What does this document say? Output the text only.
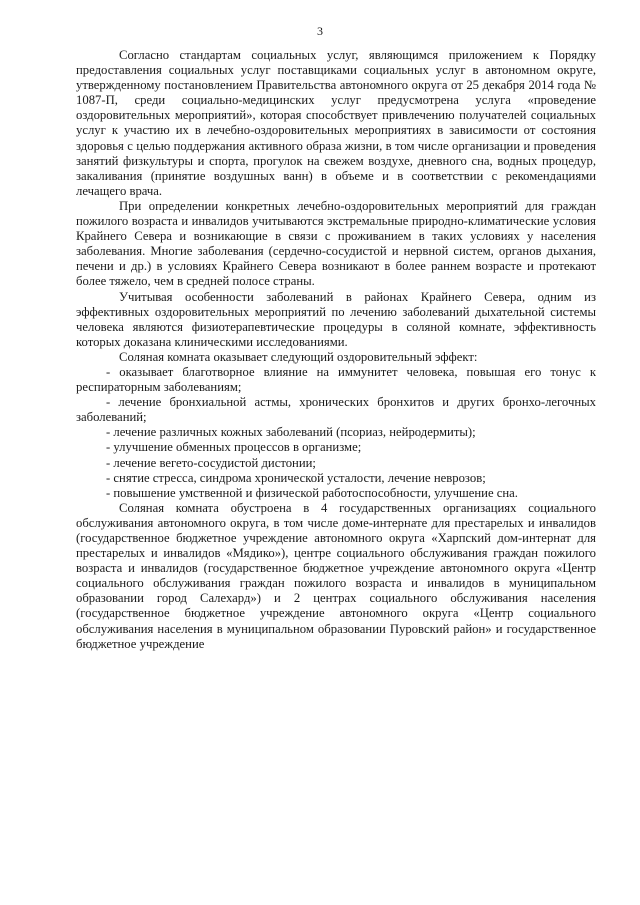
3

Согласно стандартам социальных услуг, являющимся приложением к Порядку предоставления социальных услуг поставщиками социальных услуг в автономном округе, утвержденному постановлением Правительства автономного округа от 25 декабря 2014 года № 1087-П, среди социально-медицинских услуг предусмотрена услуга «проведение оздоровительных мероприятий», которая способствует привлечению получателей социальных услуг к участию их в лечебно-оздоровительных мероприятиях в зависимости от состояния здоровья с целью поддержания активного образа жизни, в том числе организации и проведения занятий физкультуры и спорта, прогулок на свежем воздухе, дневного сна, водных процедур, закаливания (принятие воздушных ванн) в объеме и в соответствии с рекомендациями лечащего врача.

При определении конкретных лечебно-оздоровительных мероприятий для граждан пожилого возраста и инвалидов учитываются экстремальные природно-климатические условия Крайнего Севера и возникающие в связи с проживанием в таких условиях у населения заболевания. Многие заболевания (сердечно-сосудистой и нервной систем, органов дыхания, печени и др.) в условиях Крайнего Севера возникают в более раннем возрасте и протекают более тяжело, чем в средней полосе страны.

Учитывая особенности заболеваний в районах Крайнего Севера, одним из эффективных оздоровительных мероприятий по лечению заболеваний дыхательной системы человека являются физиотерапевтические процедуры в соляной комнате, эффективность которых доказана клиническими исследованиями.

Соляная комната оказывает следующий оздоровительный эффект:

- оказывает благотворное влияние на иммунитет человека, повышая его тонус к респираторным заболеваниям;

- лечение бронхиальной астмы, хронических бронхитов и других бронхо-легочных заболеваний;

- лечение различных кожных заболеваний (псориаз, нейродермиты);

- улучшение обменных процессов в организме;

- лечение вегето-сосудистой дистонии;

- снятие стресса, синдрома хронической усталости, лечение неврозов;

- повышение умственной и физической работоспособности, улучшение сна.

Соляная комната обустроена в 4 государственных организациях социального обслуживания автономного округа, в том числе доме-интернате для престарелых и инвалидов (государственное бюджетное учреждение автономного округа «Харпский дом-интернат для престарелых и инвалидов «Мядико»), центре социального обслуживания граждан пожилого возраста и инвалидов (государственное бюджетное учреждение автономного округа «Центр социального обслуживания граждан пожилого возраста и инвалидов в муниципальном образовании город Салехард») и 2 центрах социального обслуживания населения (государственное бюджетное учреждение автономного округа «Центр социального обслуживания населения в муниципальном образовании Пуровский район» и государственное бюджетное учреждение
